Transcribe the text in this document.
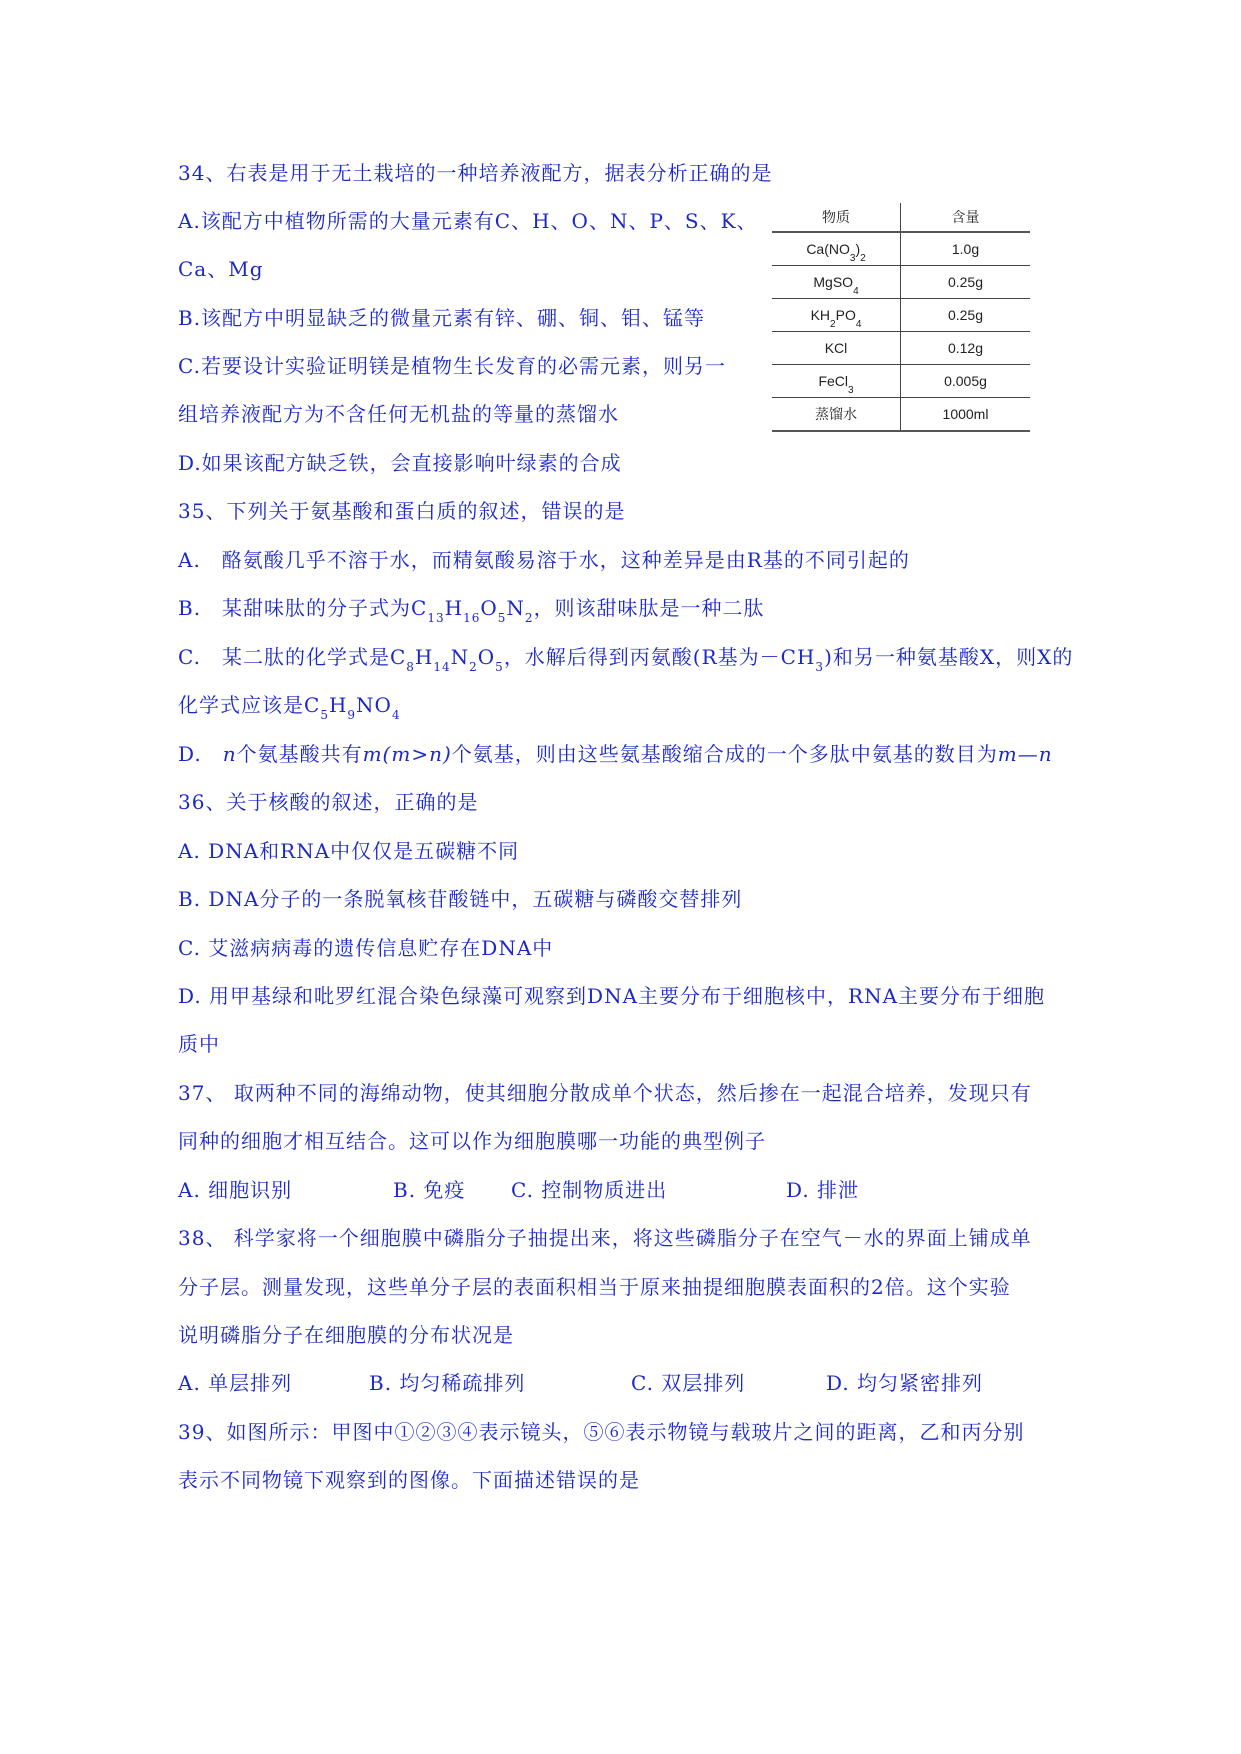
34、右表是用于无土栽培的一种培养液配方，据表分析正确的是
A.该配方中植物所需的大量元素有C、H、O、N、P、S、K、
Ca、Mg
B.该配方中明显缺乏的微量元素有锌、硼、铜、钼、锰等
C.若要设计实验证明镁是植物生长发育的必需元素，则另一
组培养液配方为不含任何无机盐的等量的蒸馏水
D.如果该配方缺乏铁，会直接影响叶绿素的合成
物质	含量
$Ca(NO_3)_2$	1.0g
MgSO$_4$	0.25g
$KH_2PO_4$	0.25g
KCl	0.12g
FeCl$_3$	0.005g
蒸馏水	1000ml
35、下列关于氨基酸和蛋白质的叙述，错误的是
A.　酪氨酸几乎不溶于水，而精氨酸易溶于水，这种差异是由R基的不同引起的
B.　某甜味肽的分子式为$C_{13}H_{16}O_5N_2$，则该甜味肽是一种二肽
C.　某二肽的化学式是$C_8H_{14}N_2O_5$，水解后得到丙氨酸(R基为$-CH_3$)和另一种氨基酸X，则X的
化学式应该是$C_5H_9NO_4$
D.　n个氨基酸共有m(m>n)个氨基，则由这些氨基酸缩合成的一个多肽中氨基的数目为m—n
36、关于核酸的叙述，正确的是
A. DNA和RNA中仅仅是五碳糖不同
B. DNA分子的一条脱氧核苷酸链中，五碳糖与磷酸交替排列
C. 艾滋病病毒的遗传信息贮存在DNA中
D. 用甲基绿和吡罗红混合染色绿藻可观察到DNA主要分布于细胞核中，RNA主要分布于细胞
质中
37、 取两种不同的海绵动物，使其细胞分散成单个状态，然后掺在一起混合培养，发现只有
同种的细胞才相互结合。这可以作为细胞膜哪一功能的典型例子
A. 细胞识别	B. 免疫 C. 控制物质进出	D. 排泄
38、 科学家将一个细胞膜中磷脂分子抽提出来，将这些磷脂分子在空气－水的界面上铺成单
分子层。测量发现，这些单分子层的表面积相当于原来抽提细胞膜表面积的2倍。这个实验
说明磷脂分子在细胞膜的分布状况是
A. 单层排列	B. 均匀稀疏排列	C. 双层排列	D. 均匀紧密排列
39、如图所示：甲图中①②③④表示镜头，⑤⑥表示物镜与载玻片之间的距离，乙和丙分别
表示不同物镜下观察到的图像。下面描述错误的是
